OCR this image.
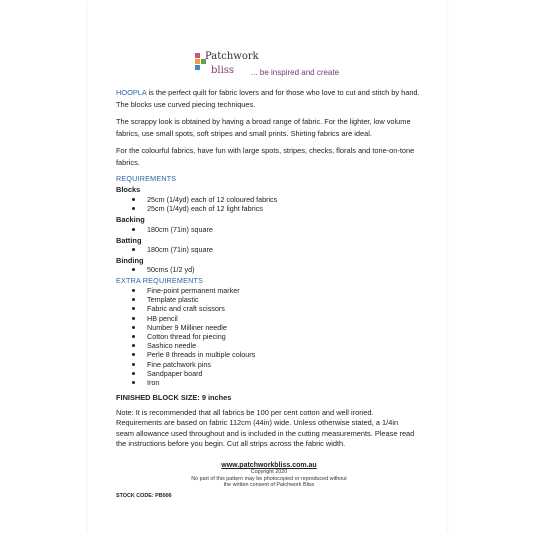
Patchwork
bliss ... be inspired and create

HOOPLA is the perfect quilt for fabric lovers and for those who love to cut and stitch by hand. The blocks use curved piecing techniques.

The scrappy look is obtained by having a broad range of fabric. For the lighter, low volume fabrics, use small spots, soft stripes and small prints. Shirting fabrics are ideal.

For the colourful fabrics, have fun with large spots, stripes, checks, florals and tone-on-tone fabrics.

REQUIREMENTS
Blocks
25cm (1/4yd) each of 12 coloured fabrics
25cm (1/4yd) each of 12 light fabrics
Backing
180cm (71in) square
Batting
180cm (71in) square
Binding
50cms (1/2 yd)
EXTRA REQUIREMENTS
Fine-point permanent marker
Template plastic
Fabric and craft scissors
HB pencil
Number 9 Milliner needle
Cotton thread for piecing
Sashico needle
Perle 8 threads in multiple colours
Fine patchwork pins
Sandpaper board
Iron
FINISHED BLOCK SIZE: 9 inches

Note: It is recommended that all fabrics be 100 per cent cotton and well ironed. Requirements are based on fabric 112cm (44in) wide. Unless otherwise stated, a 1/4in seam allowance used throughout and is included in the cutting measurements. Please read the instructions before you begin. Cut all strips across the fabric width.

www.patchworkbliss.com.au
Copyright 2020
No part of this pattern may be photocopied or reproduced without
the written consent of Patchwork Bliss
STOCK CODE: PB006
